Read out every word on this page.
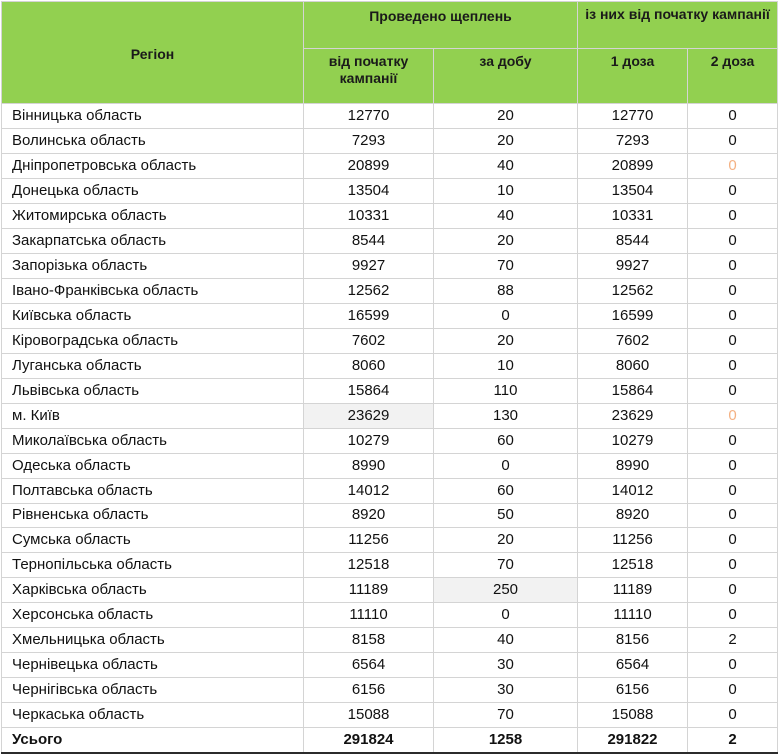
Регіон	Проведено щеплень		із них від початку кампанії	
	від початку кампанії	за добу	1 доза	2 доза
Вінницька область	12770	20	12770	0
Волинська область	7293	20	7293	0
Дніпропетровська область	20899	40	20899	0
Донецька область	13504	10	13504	0
Житомирська область	10331	40	10331	0
Закарпатська область	8544	20	8544	0
Запорізька область	9927	70	9927	0
Івано-Франківська область	12562	88	12562	0
Київська область	16599	0	16599	0
Кіровоградська область	7602	20	7602	0
Луганська область	8060	10	8060	0
Львівська область	15864	110	15864	0
м. Київ	23629	130	23629	0
Миколаївська область	10279	60	10279	0
Одеська область	8990	0	8990	0
Полтавська область	14012	60	14012	0
Рівненська область	8920	50	8920	0
Сумська область	11256	20	11256	0
Тернопільська область	12518	70	12518	0
Харківська область	11189	250	11189	0
Херсонська область	11110	0	11110	0
Хмельницька область	8158	40	8156	2
Чернівецька область	6564	30	6564	0
Чернігівська область	6156	30	6156	0
Черкаська область	15088	70	15088	0
Усього	291824	1258	291822	2
